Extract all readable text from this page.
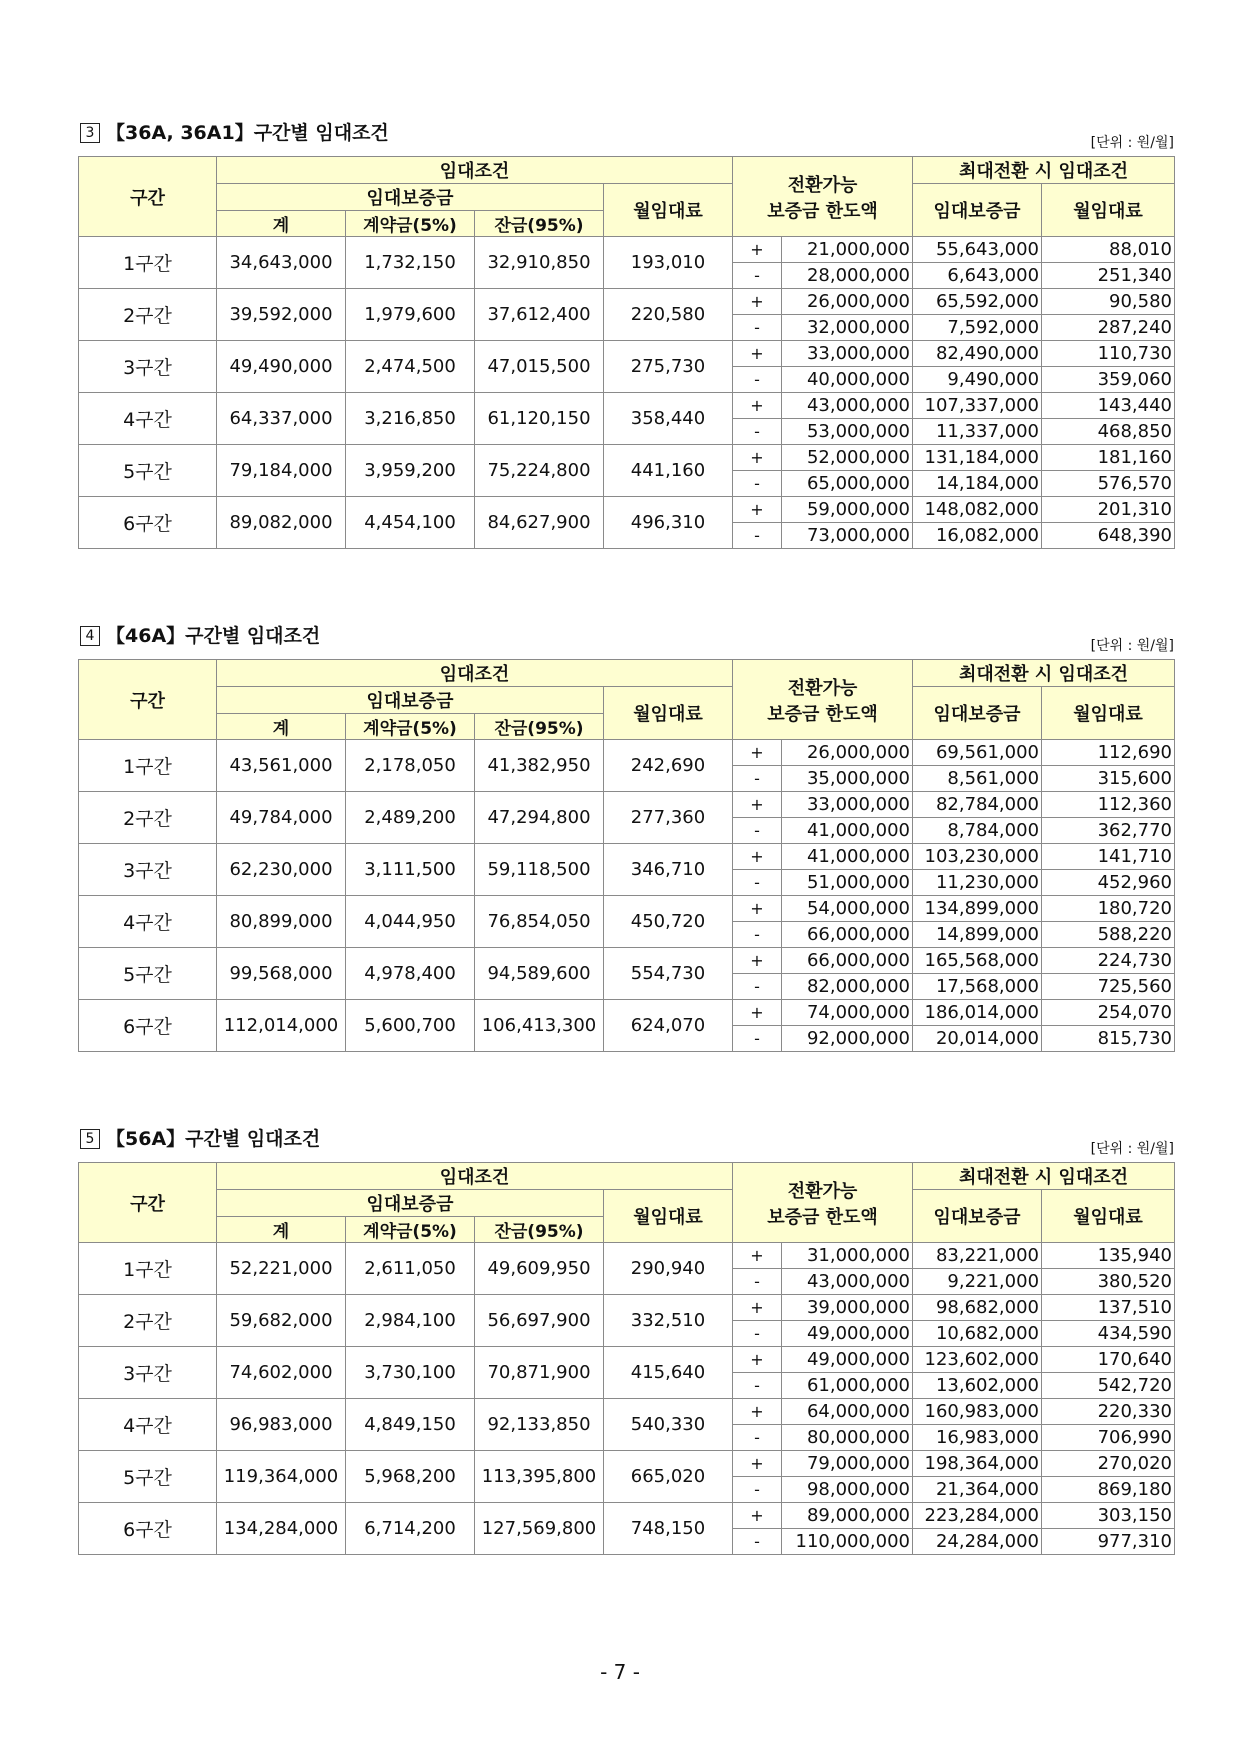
3 【36A, 36A1】구간별 임대조건	[단위 : 원/월]
구간	임대조건				전환가능
보증금 한도액		최대전환 시 임대조건	
	임대보증금			월임대료			임대보증금	월임대료
	계	계약금(5%)	잔금(95%)					
1구간	34,643,000	1,732,150	32,910,850	193,010	+	21,000,000	55,643,000	88,010
					-	28,000,000	6,643,000	251,340
2구간	39,592,000	1,979,600	37,612,400	220,580	+	26,000,000	65,592,000	90,580
					-	32,000,000	7,592,000	287,240
3구간	49,490,000	2,474,500	47,015,500	275,730	+	33,000,000	82,490,000	110,730
					-	40,000,000	9,490,000	359,060
4구간	64,337,000	3,216,850	61,120,150	358,440	+	43,000,000	107,337,000	143,440
					-	53,000,000	11,337,000	468,850
5구간	79,184,000	3,959,200	75,224,800	441,160	+	52,000,000	131,184,000	181,160
					-	65,000,000	14,184,000	576,570
6구간	89,082,000	4,454,100	84,627,900	496,310	+	59,000,000	148,082,000	201,310
					-	73,000,000	16,082,000	648,390
4 【46A】구간별 임대조건	[단위 : 원/월]
구간	임대조건				전환가능
보증금 한도액		최대전환 시 임대조건	
	임대보증금			월임대료			임대보증금	월임대료
	계	계약금(5%)	잔금(95%)					
1구간	43,561,000	2,178,050	41,382,950	242,690	+	26,000,000	69,561,000	112,690
					-	35,000,000	8,561,000	315,600
2구간	49,784,000	2,489,200	47,294,800	277,360	+	33,000,000	82,784,000	112,360
					-	41,000,000	8,784,000	362,770
3구간	62,230,000	3,111,500	59,118,500	346,710	+	41,000,000	103,230,000	141,710
					-	51,000,000	11,230,000	452,960
4구간	80,899,000	4,044,950	76,854,050	450,720	+	54,000,000	134,899,000	180,720
					-	66,000,000	14,899,000	588,220
5구간	99,568,000	4,978,400	94,589,600	554,730	+	66,000,000	165,568,000	224,730
					-	82,000,000	17,568,000	725,560
6구간	112,014,000	5,600,700	106,413,300	624,070	+	74,000,000	186,014,000	254,070
					-	92,000,000	20,014,000	815,730
5 【56A】구간별 임대조건	[단위 : 원/월]
구간	임대조건				전환가능
보증금 한도액		최대전환 시 임대조건	
	임대보증금			월임대료			임대보증금	월임대료
	계	계약금(5%)	잔금(95%)					
1구간	52,221,000	2,611,050	49,609,950	290,940	+	31,000,000	83,221,000	135,940
					-	43,000,000	9,221,000	380,520
2구간	59,682,000	2,984,100	56,697,900	332,510	+	39,000,000	98,682,000	137,510
					-	49,000,000	10,682,000	434,590
3구간	74,602,000	3,730,100	70,871,900	415,640	+	49,000,000	123,602,000	170,640
					-	61,000,000	13,602,000	542,720
4구간	96,983,000	4,849,150	92,133,850	540,330	+	64,000,000	160,983,000	220,330
					-	80,000,000	16,983,000	706,990
5구간	119,364,000	5,968,200	113,395,800	665,020	+	79,000,000	198,364,000	270,020
					-	98,000,000	21,364,000	869,180
6구간	134,284,000	6,714,200	127,569,800	748,150	+	89,000,000	223,284,000	303,150
					-	110,000,000	24,284,000	977,310
- 7 -
